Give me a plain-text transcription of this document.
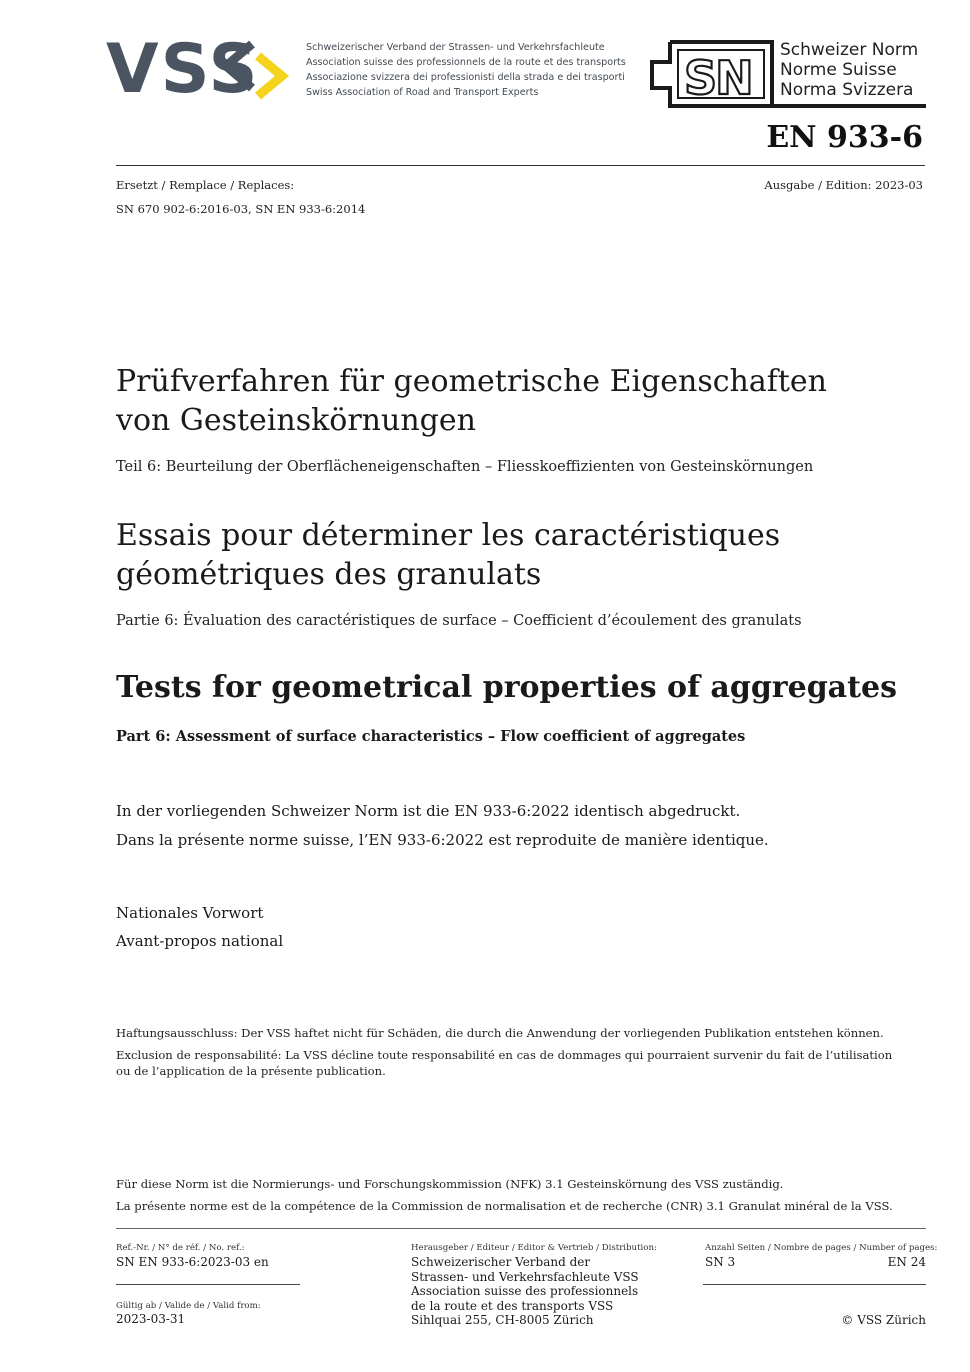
VSS	Schweizerischer Verband der Strassen- und Verkehrsfachleute
Association suisse des professionnels de la route et des transports
Associazione svizzera dei professionisti della strada e dei trasporti
Swiss Association of Road and Transport Experts	SN
Schweizer Norm
Norme Suisse
Norma Svizzera
EN 933-6
Ersetzt / Remplace / Replaces:
SN 670 902-6:2016-03, SN EN 933-6:2014
Ausgabe / Edition: 2023-03
Prüfverfahren für geometrische Eigenschaften
von Gesteinskörnungen
Teil 6: Beurteilung der Oberflächeneigenschaften – Fliesskoeffizienten von Gesteinskörnungen
Essais pour déterminer les caractéristiques
géométriques des granulats
Partie 6: Évaluation des caractéristiques de surface – Coefficient d’écoulement des granulats
Tests for geometrical properties of aggregates
Part 6: Assessment of surface characteristics – Flow coefficient of aggregates
In der vorliegenden Schweizer Norm ist die EN 933-6:2022 identisch abgedruckt.
Dans la présente norme suisse, l’EN 933-6:2022 est reproduite de manière identique.
Nationales Vorwort
Avant-propos national
Haftungsausschluss: Der VSS haftet nicht für Schäden, die durch die Anwendung der vorliegenden Publikation entstehen können.
Exclusion de responsabilité: La VSS décline toute responsabilité en cas de dommages qui pourraient survenir du fait de l’utilisation
ou de l’application de la présente publication.
Für diese Norm ist die Normierungs- und Forschungskommission (NFK) 3.1 Gesteinskörnung des VSS zuständig.
La présente norme est de la compétence de la Commission de normalisation et de recherche (CNR) 3.1 Granulat minéral de la VSS.
Ref.-Nr. / N° de réf. / No. ref.:
SN EN 933-6:2023-03 en
Gültig ab / Valide de / Valid from:
2023-03-31
Herausgeber / Editeur / Editor & Vertrieb / Distribution:
Schweizerischer Verband der
Strassen- und Verkehrsfachleute VSS
Association suisse des professionnels
de la route et des transports VSS
Sihlquai 255, CH-8005 Zürich
Anzahl Seiten / Nombre de pages / Number of pages:
SN 3	EN 24
© VSS Zürich
